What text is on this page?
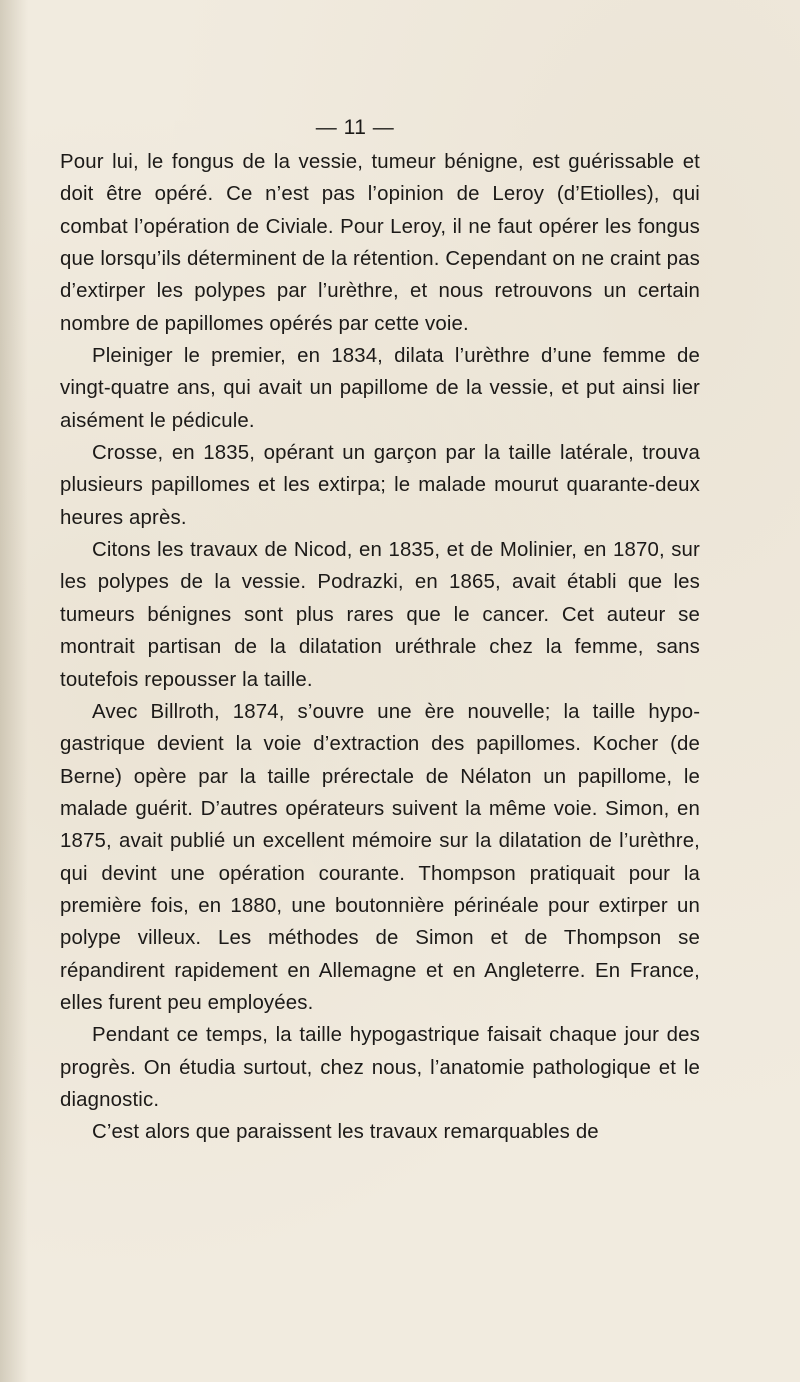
— 11 —

Pour lui, le fongus de la vessie, tumeur bénigne, est guérissable et doit être opéré. Ce n’est pas l’opinion de Leroy (d’Etiolles), qui combat l’opération de Civiale. Pour Leroy, il ne faut opérer les fongus que lorsqu’ils déterminent de la rétention. Cependant on ne craint pas d’extirper les polypes par l’urèthre, et nous retrouvons un certain nombre de papillomes opérés par cette voie.

Pleiniger le premier, en 1834, dilata l’urèthre d’une femme de vingt-quatre ans, qui avait un papillome de la vessie, et put ainsi lier aisément le pédicule.

Crosse, en 1835, opérant un garçon par la taille latérale, trouva plusieurs papillomes et les extirpa; le malade mourut quarante-deux heures après.

Citons les travaux de Nicod, en 1835, et de Molinier, en 1870, sur les polypes de la vessie. Podrazki, en 1865, avait établi que les tumeurs bénignes sont plus rares que le cancer. Cet auteur se montrait partisan de la dilatation uréthrale chez la femme, sans toutefois repousser la taille.

Avec Billroth, 1874, s’ouvre une ère nouvelle; la taille hypogastrique devient la voie d’extraction des papillomes. Kocher (de Berne) opère par la taille prérectale de Nélaton un papillome, le malade guérit. D’autres opérateurs suivent la même voie. Simon, en 1875, avait publié un excellent mémoire sur la dilatation de l’urèthre, qui devint une opération courante. Thompson pratiquait pour la première fois, en 1880, une boutonnière périnéale pour extirper un polype villeux. Les méthodes de Simon et de Thompson se répandirent rapidement en Allemagne et en Angleterre. En France, elles furent peu employées.

Pendant ce temps, la taille hypogastrique faisait chaque jour des progrès. On étudia surtout, chez nous, l’anatomie pathologique et le diagnostic.

C’est alors que paraissent les travaux remarquables de
